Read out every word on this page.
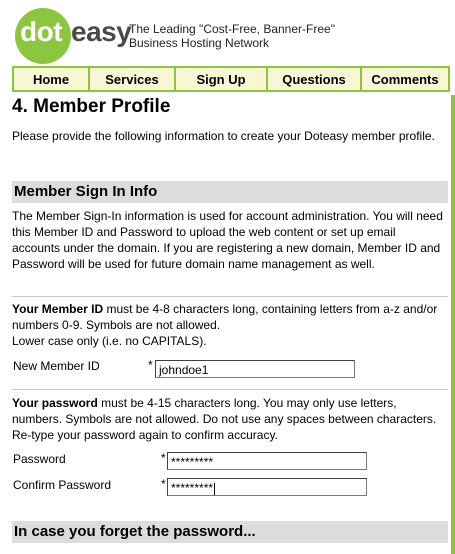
dot easy
The Leading "Cost-Free, Banner-Free"
Business Hosting Network
Home	Services	Sign Up	Questions	Comments
4. Member Profile
Please provide the following information to create your Doteasy member profile.
Member Sign In Info
The Member Sign-In information is used for account administration. You will need this Member ID and Password to upload the web content or set up email accounts under the domain. If you are registering a new domain, Member ID and Password will be used for future domain name management as well.
Your Member ID must be 4-8 characters long, containing letters from a-z and/or numbers 0-9. Symbols are not allowed.
Lower case only (i.e. no CAPITALS).
New Member ID	* johndoe1
Your password must be 4-15 characters long. You may only use letters, numbers. Symbols are not allowed. Do not use any spaces between characters. Re-type your password again to confirm accuracy.
Password	* *********
Confirm Password	* *********
In case you forget the password...
